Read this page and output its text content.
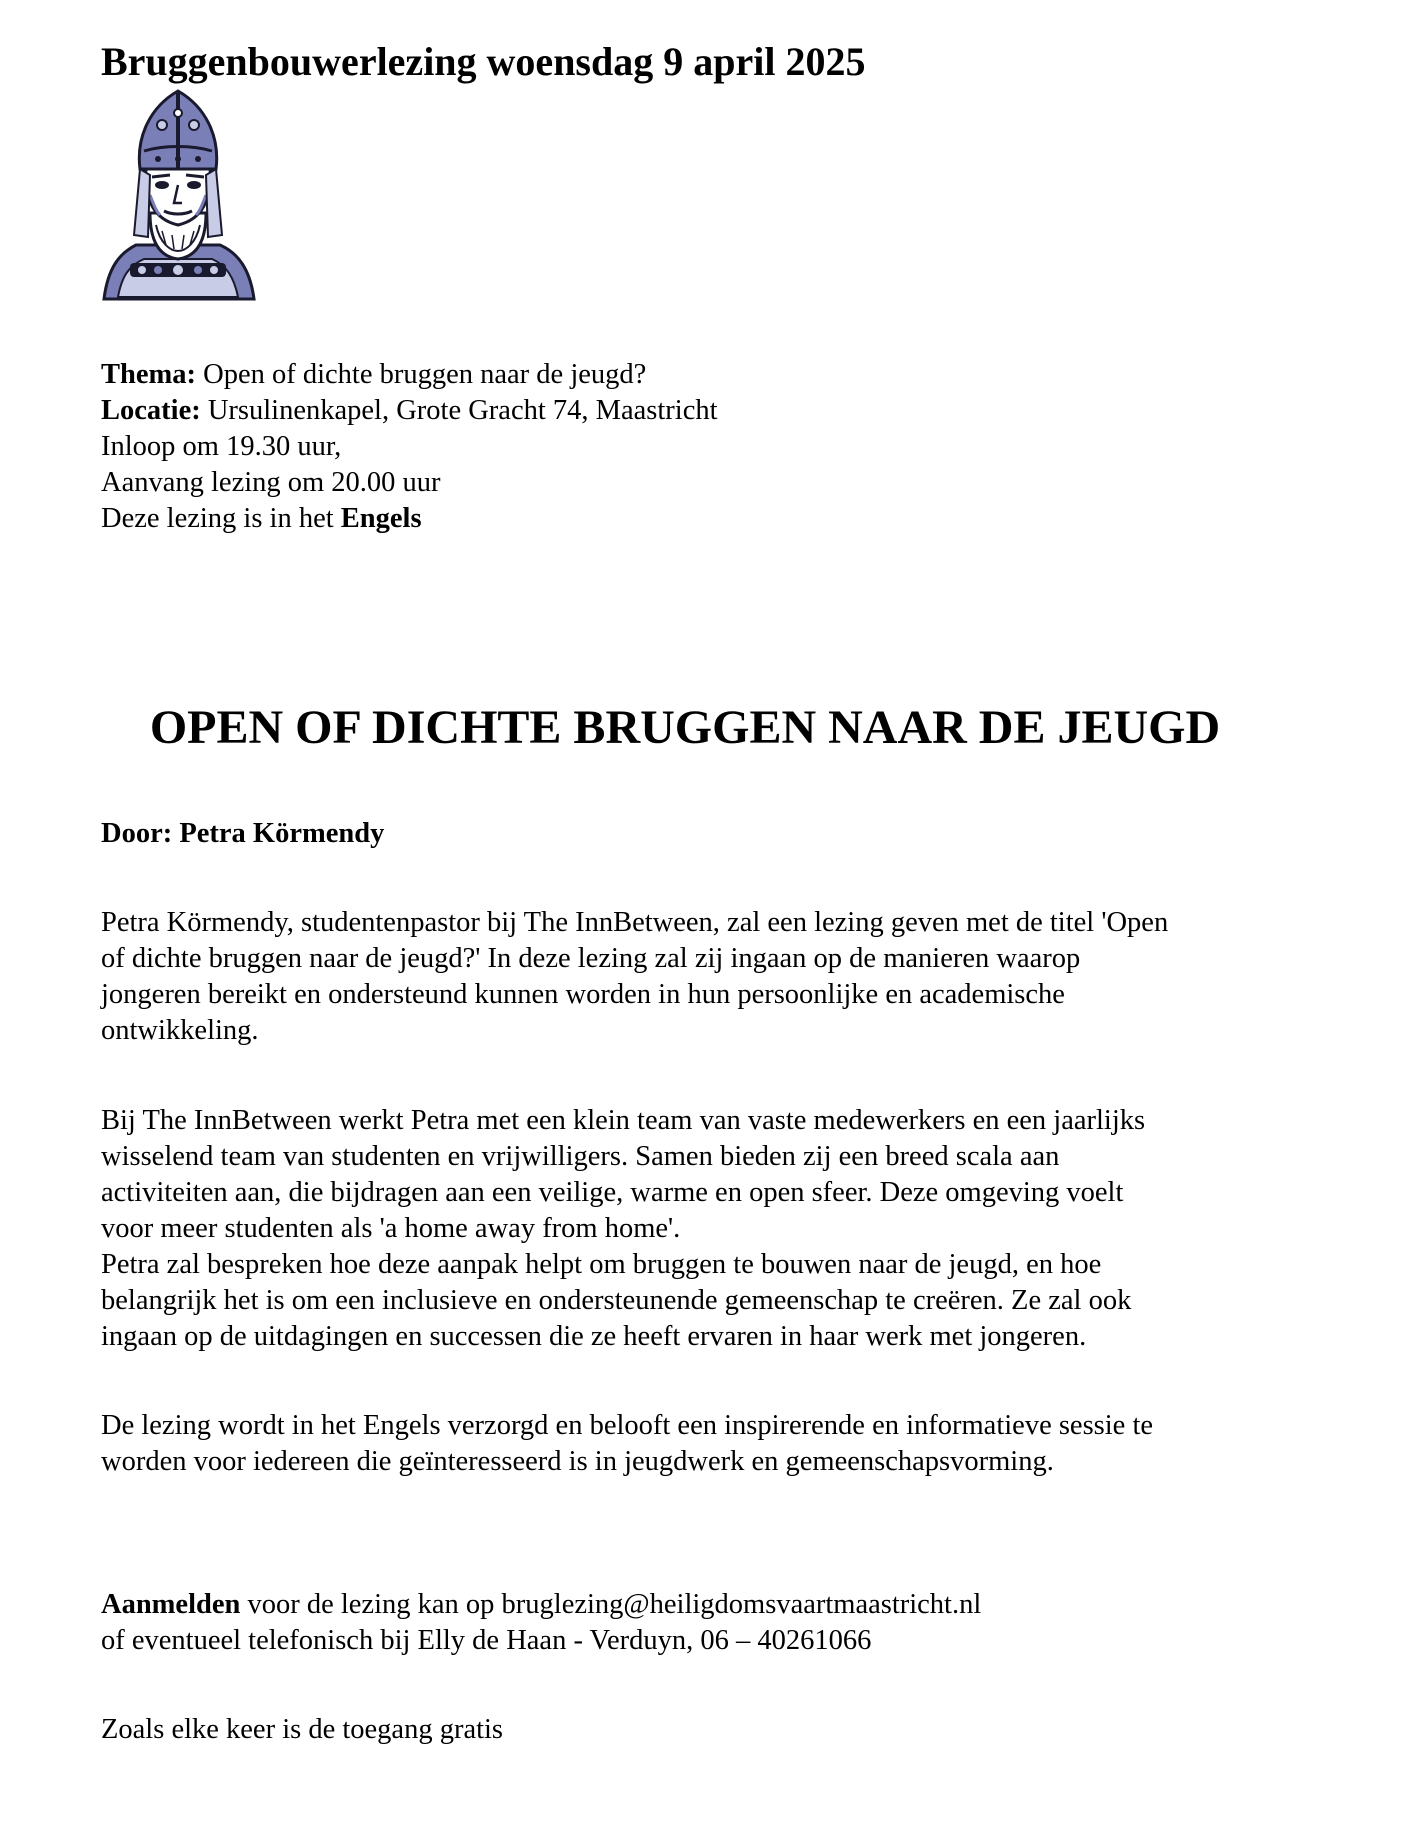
Bruggenbouwerlezing woensdag 9 april 2025
Thema: Open of dichte bruggen naar de jeugd?
Locatie: Ursulinenkapel, Grote Gracht 74, Maastricht
Inloop om 19.30 uur,
Aanvang lezing om 20.00 uur
Deze lezing is in het Engels
OPEN OF DICHTE BRUGGEN NAAR DE JEUGD
Door: Petra Körmendy
Petra Körmendy, studentenpastor bij The InnBetween, zal een lezing geven met de titel 'Open
of dichte bruggen naar de jeugd?' In deze lezing zal zij ingaan op de manieren waarop
jongeren bereikt en ondersteund kunnen worden in hun persoonlijke en academische
ontwikkeling.
Bij The InnBetween werkt Petra met een klein team van vaste medewerkers en een jaarlijks
wisselend team van studenten en vrijwilligers. Samen bieden zij een breed scala aan
activiteiten aan, die bijdragen aan een veilige, warme en open sfeer. Deze omgeving voelt
voor meer studenten als 'a home away from home'.
Petra zal bespreken hoe deze aanpak helpt om bruggen te bouwen naar de jeugd, en hoe
belangrijk het is om een inclusieve en ondersteunende gemeenschap te creëren. Ze zal ook
ingaan op de uitdagingen en successen die ze heeft ervaren in haar werk met jongeren.
De lezing wordt in het Engels verzorgd en belooft een inspirerende en informatieve sessie te
worden voor iedereen die geïnteresseerd is in jeugdwerk en gemeenschapsvorming.
Aanmelden voor de lezing kan op bruglezing@heiligdomsvaartmaastricht.nl
of eventueel telefonisch bij Elly de Haan - Verduyn, 06 – 40261066
Zoals elke keer is de toegang gratis
